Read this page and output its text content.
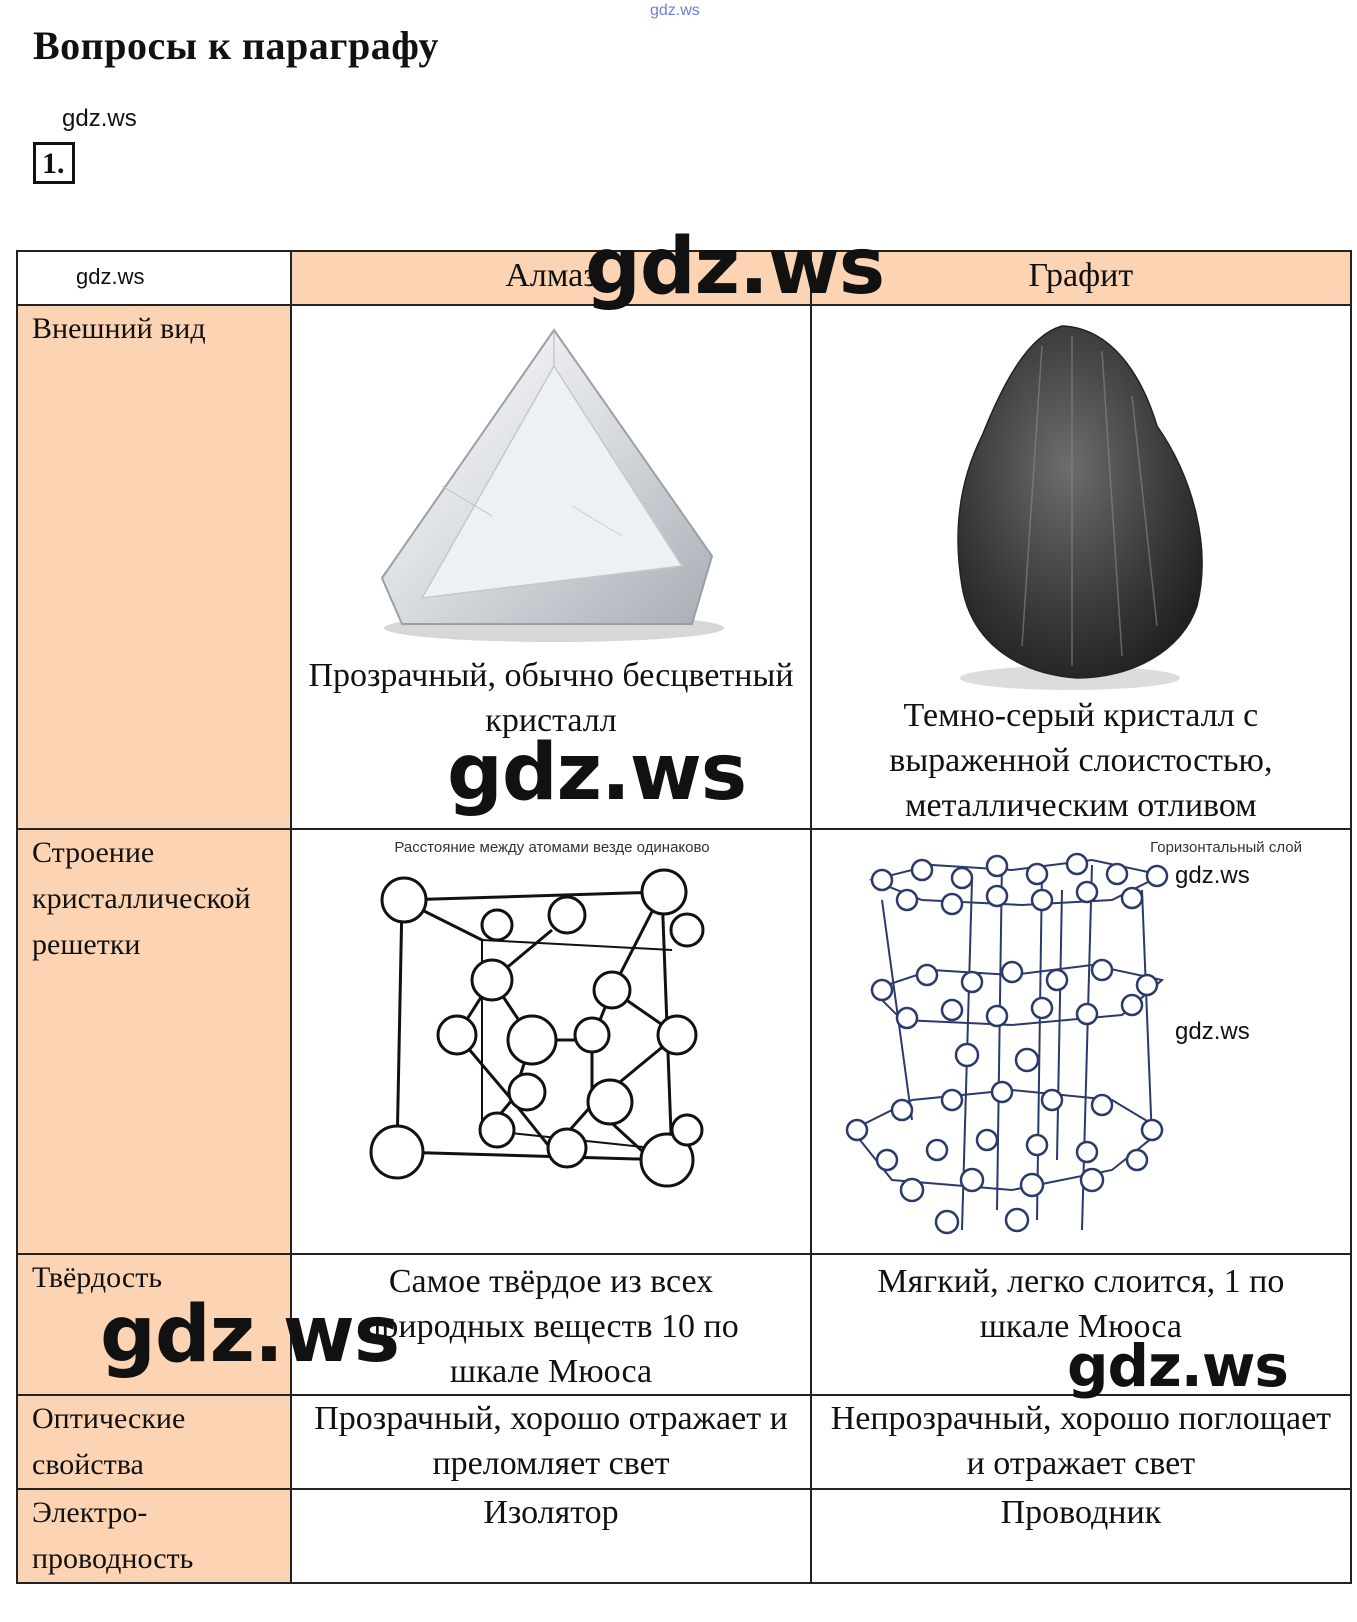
gdz.ws
Вопросы к параграфу
gdz.ws
1.
gdz.ws	Алмаз	Графит
Внешний вид	Прозрачный, обычно бесцветный кристалл	Темно-серый кристалл с выраженной слоистостью, металлическим отливом

Строение кристаллической решетки	Расстояние между атомами везде одинаково	Горизонтальный слой

Твёрдость	Самое твёрдое из всех природных веществ 10 по шкале Мюоса	Мягкий, легко слоится, 1 по шкале Мюоса
Оптические свойства	Прозрачный, хорошо отражает и преломляет свет	Непрозрачный, хорошо поглощает и отражает свет
Электро-проводность	Изолятор	Проводник
gdz.ws
gdz.ws
gdz.ws	gdz.ws
gdz.ws
gdz.ws
